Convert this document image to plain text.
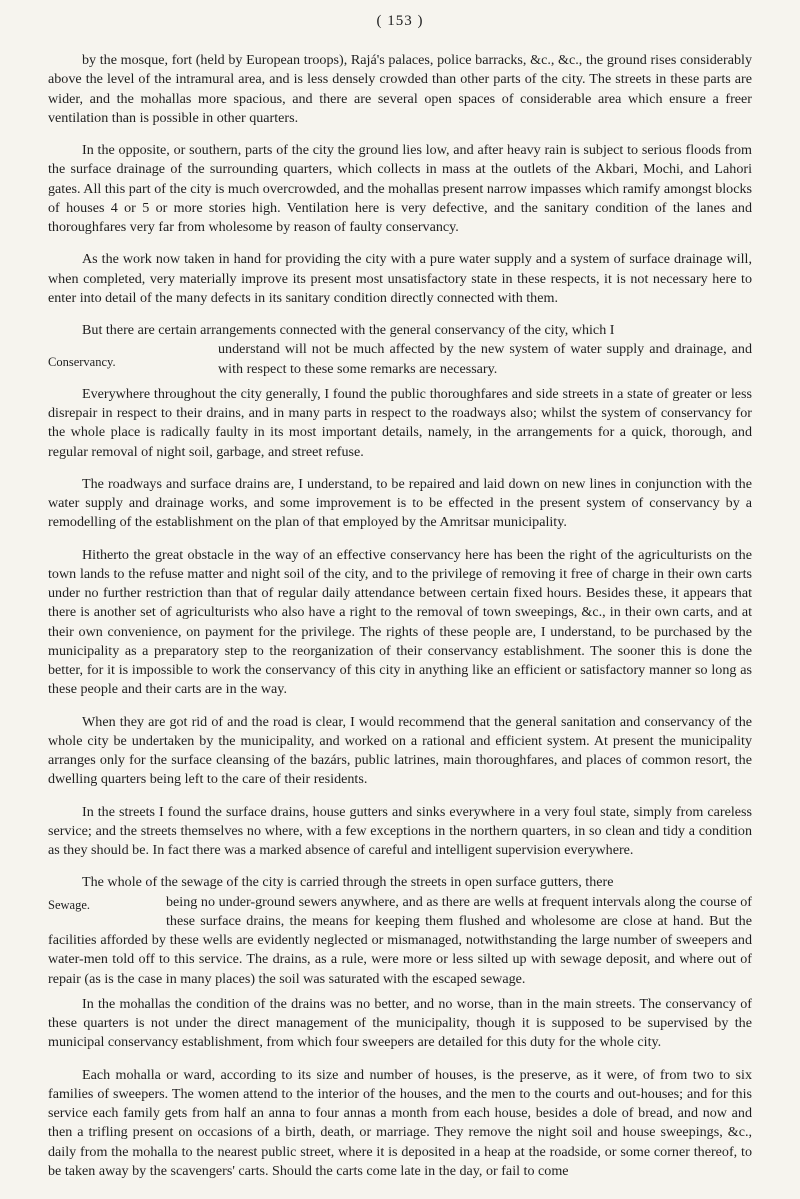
( 153 )

by the mosque, fort (held by European troops), Rajá's palaces, police barracks, &c., &c., the ground rises considerably above the level of the intramural area, and is less densely crowded than other parts of the city. The streets in these parts are wider, and the mohallas more spacious, and there are several open spaces of considerable area which ensure a freer ventilation than is possible in other quarters.

In the opposite, or southern, parts of the city the ground lies low, and after heavy rain is subject to serious floods from the surface drainage of the surrounding quarters, which collects in mass at the outlets of the Akbari, Mochi, and Lahori gates. All this part of the city is much overcrowded, and the mohallas present narrow impasses which ramify amongst blocks of houses 4 or 5 or more stories high. Ventilation here is very defective, and the sanitary condition of the lanes and thoroughfares very far from wholesome by reason of faulty conservancy.

As the work now taken in hand for providing the city with a pure water supply and a system of surface drainage will, when completed, very materially improve its present most unsatisfactory state in these respects, it is not necessary here to enter into detail of the many defects in its sanitary condition directly connected with them.

But there are certain arrangements connected with the general conservancy of the city, which I
Conservancy.
understand will not be much affected by the new system of water supply and drainage, and with respect to these some remarks are necessary.

Everywhere throughout the city generally, I found the public thoroughfares and side streets in a state of greater or less disrepair in respect to their drains, and in many parts in respect to the roadways also; whilst the system of conservancy for the whole place is radically faulty in its most important details, namely, in the arrangements for a quick, thorough, and regular removal of night soil, garbage, and street refuse.

The roadways and surface drains are, I understand, to be repaired and laid down on new lines in conjunction with the water supply and drainage works, and some improvement is to be effected in the present system of conservancy by a remodelling of the establishment on the plan of that employed by the Amritsar municipality.

Hitherto the great obstacle in the way of an effective conservancy here has been the right of the agriculturists on the town lands to the refuse matter and night soil of the city, and to the privilege of removing it free of charge in their own carts under no further restriction than that of regular daily attendance between certain fixed hours. Besides these, it appears that there is another set of agriculturists who also have a right to the removal of town sweepings, &c., in their own carts, and at their own convenience, on payment for the privilege. The rights of these people are, I understand, to be purchased by the municipality as a preparatory step to the reorganization of their conservancy establishment. The sooner this is done the better, for it is impossible to work the conservancy of this city in anything like an efficient or satisfactory manner so long as these people and their carts are in the way.

When they are got rid of and the road is clear, I would recommend that the general sanitation and conservancy of the whole city be undertaken by the municipality, and worked on a rational and efficient system. At present the municipality arranges only for the surface cleansing of the bazárs, public latrines, main thoroughfares, and places of common resort, the dwelling quarters being left to the care of their residents.

In the streets I found the surface drains, house gutters and sinks everywhere in a very foul state, simply from careless service; and the streets themselves no where, with a few exceptions in the northern quarters, in so clean and tidy a condition as they should be. In fact there was a marked absence of careful and intelligent supervision everywhere.

The whole of the sewage of the city is carried through the streets in open surface gutters, there
Sewage.	being no under-ground sewers anywhere, and as there are wells at frequent intervals along the course of these surface drains, the means for keeping them flushed and wholesome are close at hand. But the facilities afforded by these wells are evidently neglected or mismanaged, notwithstanding the large number of sweepers and water-men told off to this service. The drains, as a rule, were more or less silted up with sewage deposit, and where out of repair (as is the case in many places) the soil was saturated with the escaped sewage.

In the mohallas the condition of the drains was no better, and no worse, than in the main streets. The conservancy of these quarters is not under the direct management of the municipality, though it is supposed to be supervised by the municipal conservancy establishment, from which four sweepers are detailed for this duty for the whole city.

Each mohalla or ward, according to its size and number of houses, is the preserve, as it were, of from two to six families of sweepers. The women attend to the interior of the houses, and the men to the courts and out-houses; and for this service each family gets from half an anna to four annas a month from each house, besides a dole of bread, and now and then a trifling present on occasions of a birth, death, or marriage. They remove the night soil and house sweepings, &c., daily from the mohalla to the nearest public street, where it is deposited in a heap at the roadside, or some corner thereof, to be taken away by the scavengers' carts. Should the carts come late in the day, or fail to come
